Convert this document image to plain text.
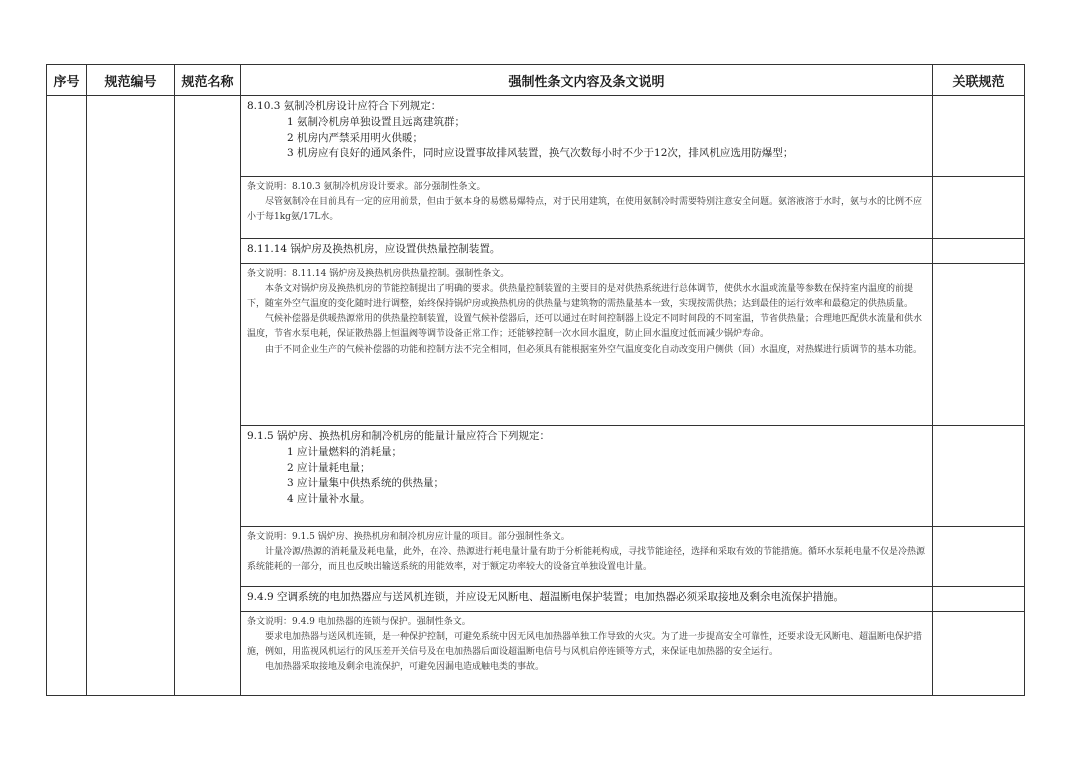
序号	规范编号	规范名称	强制性条文内容及条文说明	关联规范

			8.10.3 氨制冷机房设计应符合下列规定：

1 氨制冷机房单独设置且远离建筑群；

2 机房内严禁采用明火供暖；

3 机房应有良好的通风条件，同时应设置事故排风装置，换气次数每小时不少于12次，排风机应选用防爆型；	

			条文说明：8.10.3 氨制冷机房设计要求。部分强制性条文。

尽管氨制冷在目前具有一定的应用前景，但由于氨本身的易燃易爆特点，对于民用建筑，在使用氨制冷时需要特别注意安全问题。氨溶液溶于水时，氨与水的比例不应小于每1kg氨/17L水。	

			8.11.14 锅炉房及换热机房，应设置供热量控制装置。	

			条文说明：8.11.14 锅炉房及换热机房供热量控制。强制性条文。

本条文对锅炉房及换热机房的节能控制提出了明确的要求。供热量控制装置的主要目的是对供热系统进行总体调节，使供水水温或流量等参数在保持室内温度的前提下，随室外空气温度的变化随时进行调整，始终保持锅炉房或换热机房的供热量与建筑物的需热量基本一致，实现按需供热；达到最佳的运行效率和最稳定的供热质量。

气候补偿器是供暖热源常用的供热量控制装置，设置气候补偿器后，还可以通过在时间控制器上设定不同时间段的不同室温，节省供热量；合理地匹配供水流量和供水温度，节省水泵电耗，保证散热器上恒温阀等调节设备正常工作；还能够控制一次水回水温度，防止回水温度过低而减少锅炉寿命。

由于不同企业生产的气候补偿器的功能和控制方法不完全相同，但必须具有能根据室外空气温度变化自动改变用户侧供（回）水温度，对热媒进行质调节的基本功能。	

			9.1.5 锅炉房、换热机房和制冷机房的能量计量应符合下列规定：

1 应计量燃料的消耗量；

2 应计量耗电量；

3 应计量集中供热系统的供热量；

4 应计量补水量。	

			条文说明：9.1.5 锅炉房、换热机房和制冷机房应计量的项目。部分强制性条文。

计量冷源/热源的消耗量及耗电量，此外，在冷、热源进行耗电量计量有助于分析能耗构成，寻找节能途径，选择和采取有效的节能措施。循环水泵耗电量不仅是冷热源系统能耗的一部分，而且也反映出输送系统的用能效率，对于额定功率较大的设备宜单独设置电计量。	

			9.4.9 空调系统的电加热器应与送风机连锁，并应设无风断电、超温断电保护装置；电加热器必须采取接地及剩余电流保护措施。	

			条文说明：9.4.9 电加热器的连锁与保护。强制性条文。

要求电加热器与送风机连锁，是一种保护控制，可避免系统中因无风电加热器单独工作导致的火灾。为了进一步提高安全可靠性，还要求设无风断电、超温断电保护措施，例如，用监视风机运行的风压差开关信号及在电加热器后面设超温断电信号与风机启停连锁等方式，来保证电加热器的安全运行。

电加热器采取接地及剩余电流保护，可避免因漏电造成触电类的事故。	
